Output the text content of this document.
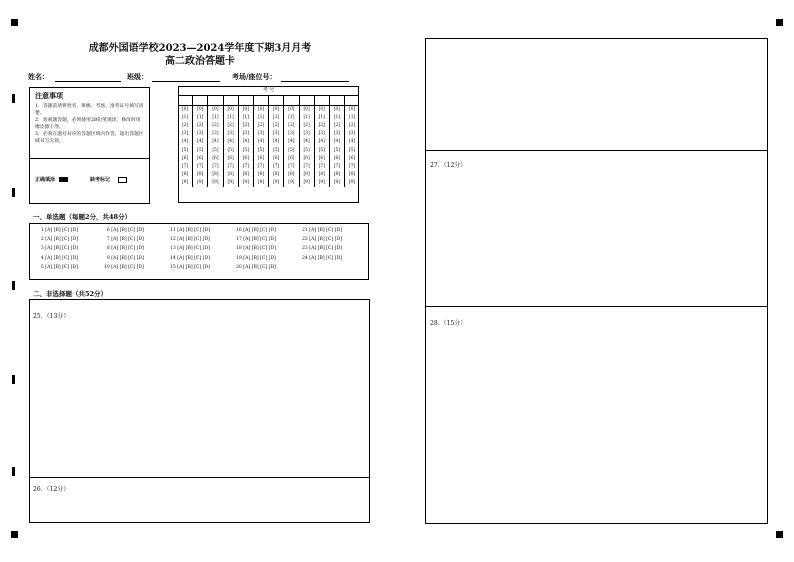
成都外国语学校2023—2024学年度下期3月月考
高二政治答题卡
姓名：	班级：	考场/座位号：
注意事项
1．答题前请将姓名、班级、考场、准考证号填写清楚。
2．客观题答题，必须使用2B铅笔填涂，修改时用橡皮擦干净。
3．必须在题号对应的答题区域内作答，超出答题区域书写无效。
正确填涂	缺考标记
考 号											

[0]	[0]	[0]	[0]	[0]	[0]	[0]	[0]	[0]	[0]	[0]	[0]
[1]	[1]	[1]	[1]	[1]	[1]	[1]	[1]	[1]	[1]	[1]	[1]
[2]	[2]	[2]	[2]	[2]	[2]	[2]	[2]	[2]	[2]	[2]	[2]
[3]	[3]	[3]	[3]	[3]	[3]	[3]	[3]	[3]	[3]	[3]	[3]
[4]	[4]	[4]	[4]	[4]	[4]	[4]	[4]	[4]	[4]	[4]	[4]
[5]	[5]	[5]	[5]	[5]	[5]	[5]	[5]	[5]	[5]	[5]	[5]
[6]	[6]	[6]	[6]	[6]	[6]	[6]	[6]	[6]	[6]	[6]	[6]
[7]	[7]	[7]	[7]	[7]	[7]	[7]	[7]	[7]	[7]	[7]	[7]
[8]	[8]	[8]	[8]	[8]	[8]	[8]	[8]	[8]	[8]	[8]	[8]
[9]	[9]	[9]	[9]	[9]	[9]	[9]	[9]	[9]	[9]	[9]	[9]
一、单选题（每题2分，共48分）
 1 [A] [B] [C] [D]	 6 [A] [B] [C] [D]	11 [A] [B] [C] [D]	16 [A] [B] [C] [D]	21 [A] [B] [C] [D]
 2 [A] [B] [C] [D]	 7 [A] [B] [C] [D]	12 [A] [B] [C] [D]	17 [A] [B] [C] [D]	22 [A] [B] [C] [D]
 3 [A] [B] [C] [D]	 8 [A] [B] [C] [D]	13 [A] [B] [C] [D]	18 [A] [B] [C] [D]	23 [A] [B] [C] [D]
 4 [A] [B] [C] [D]	 9 [A] [B] [C] [D]	14 [A] [B] [C] [D]	19 [A] [B] [C] [D]	24 [A] [B] [C] [D]
 5 [A] [B] [C] [D]	10 [A] [B] [C] [D]	15 [A] [B] [C] [D]	20 [A] [B] [C] [D]
二、非选择题（共52分）
25．（13分）
26．（12分）
27．（12分）
28．（15分）
